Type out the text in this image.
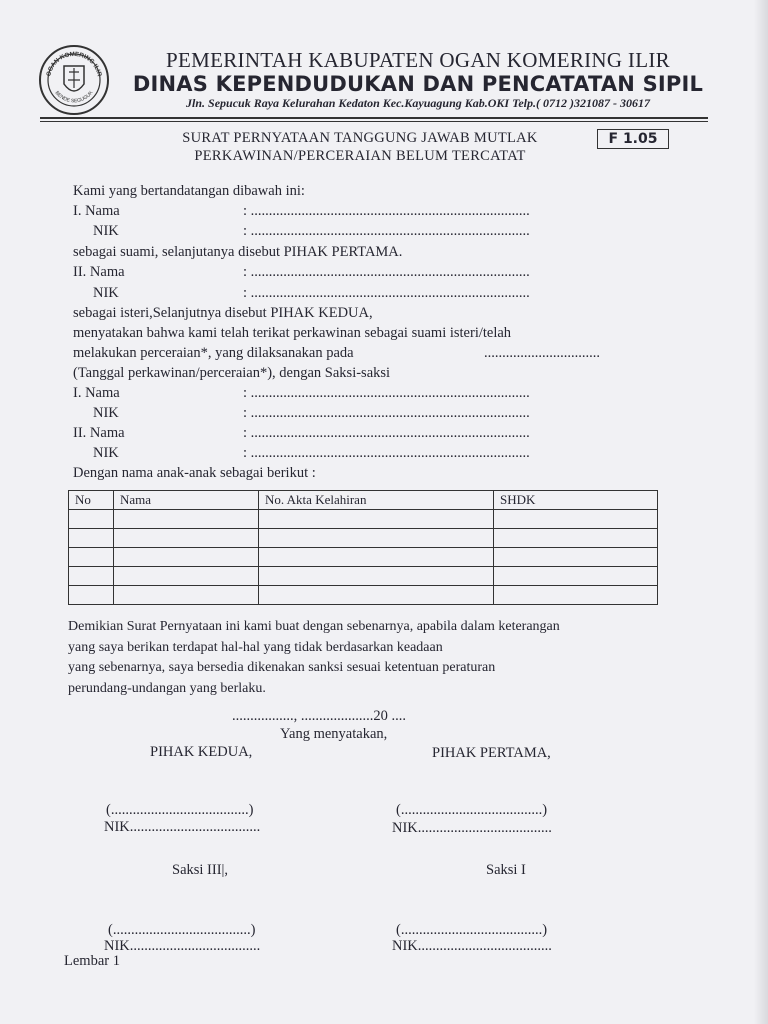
OGAN KOMERING ILIR
BENDE SEGUGUK
PEMERINTAH KABUPATEN OGAN KOMERING ILIR
DINAS KEPENDUDUKAN DAN PENCATATAN SIPIL
Jln. Sepucuk Raya Kelurahan Kedaton Kec.Kayuagung Kab.OKI Telp.( 0712 )321087 - 30617
SURAT PERNYATAAN TANGGUNG JAWAB MUTLAK
PERKAWINAN/PERCERAIAN BELUM TERCATAT
F 1.05
Kami yang bertandatangan dibawah ini:
I. Nama	: .............................................................................
NIK	: .............................................................................
sebagai suami, selanjutanya disebut PIHAK PERTAMA.
II. Nama	: .............................................................................
NIK	: .............................................................................
sebagai isteri,Selanjutnya disebut PIHAK KEDUA,
menyatakan bahwa kami telah terikat perkawinan sebagai suami isteri/telah
melakukan perceraian*, yang dilaksanakan pada	................................
(Tanggal perkawinan/perceraian*), dengan Saksi-saksi
I. Nama	: .............................................................................
NIK	: .............................................................................
II. Nama	: .............................................................................
NIK	: .............................................................................
Dengan nama anak-anak sebagai berikut :
No	Nama	No. Akta Kelahiran	SHDK

Demikian Surat Pernyataan ini kami buat dengan sebenarnya, apabila dalam keterangan
yang saya berikan terdapat hal-hal yang tidak berdasarkan keadaan
yang sebenarnya, saya bersedia dikenakan sanksi sesuai ketentuan peraturan
perundang-undangan yang berlaku.
................., ....................20 ....
Yang menyatakan,
PIHAK KEDUA,	PIHAK PERTAMA,
(......................................)	(.......................................)
NIK....................................	NIK.....................................
Saksi III|,	Saksi I
(......................................)	(.......................................)
NIK....................................	NIK.....................................
Lembar 1
